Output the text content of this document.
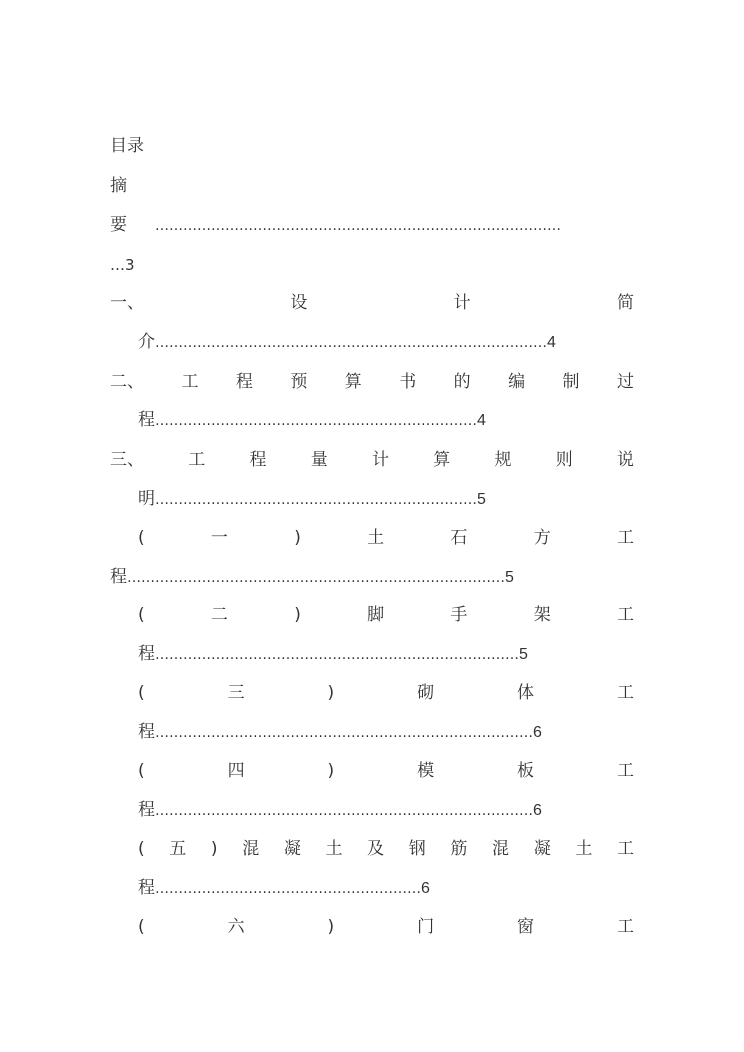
目录
摘
要 ……………………………………………………………………………
…3
一、	设	计	简
介 ………………………………………………………………………… 4
二、 工 程 预 算 书 的 编 制 过
程 …………………………………………………………… 4
三、	工	程	量	计	算	规	则	说
明 …………………………………………………………… 5
(	一	)	土	石	方	工
程 ……………………………………………………………………… 5
(	二	)	脚	手	架	工
程 …………………………………………………………………… 5
(	三	)	砌	体	工
程 ……………………………………………………………………… 6
(	四	)	模	板	工
程 ……………………………………………………………………… 6
( 五 ) 混 凝 土 及 钢 筋 混 凝 土 工
程 ………………………………………………… 6
(	六	)	门	窗	工
